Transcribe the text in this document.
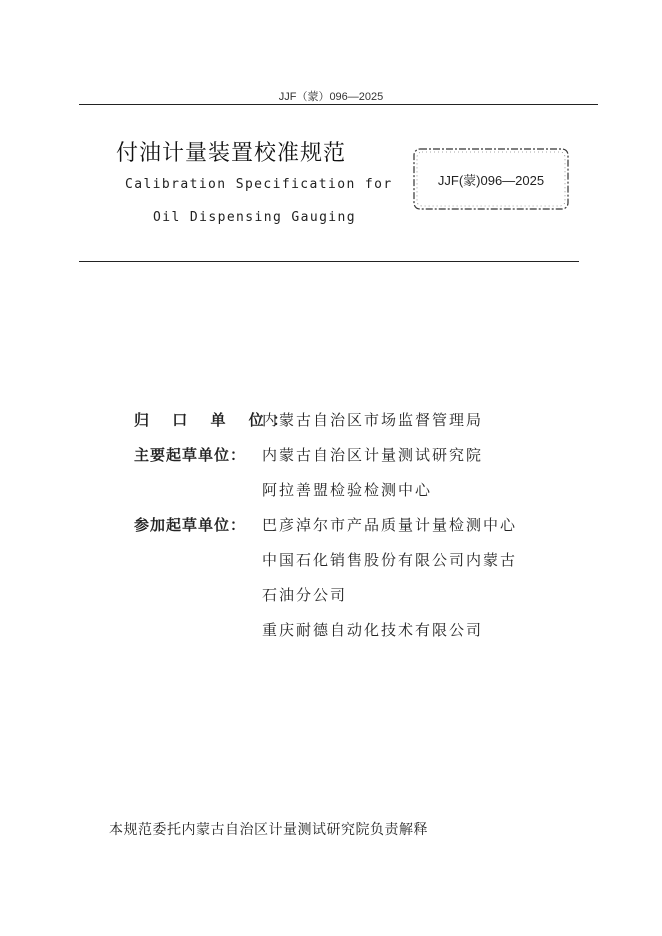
JJF（蒙）096—2025
付油计量装置校准规范
Calibration Specification for
Oil Dispensing Gauging
JJF(蒙)096—2025
归 口 单 位：
内蒙古自治区市场监督管理局
主要起草单位： 内蒙古自治区计量测试研究院
阿拉善盟检验检测中心
参加起草单位： 巴彦淖尔市产品质量计量检测中心
中国石化销售股份有限公司内蒙古
石油分公司
重庆耐德自动化技术有限公司
本规范委托内蒙古自治区计量测试研究院负责解释
